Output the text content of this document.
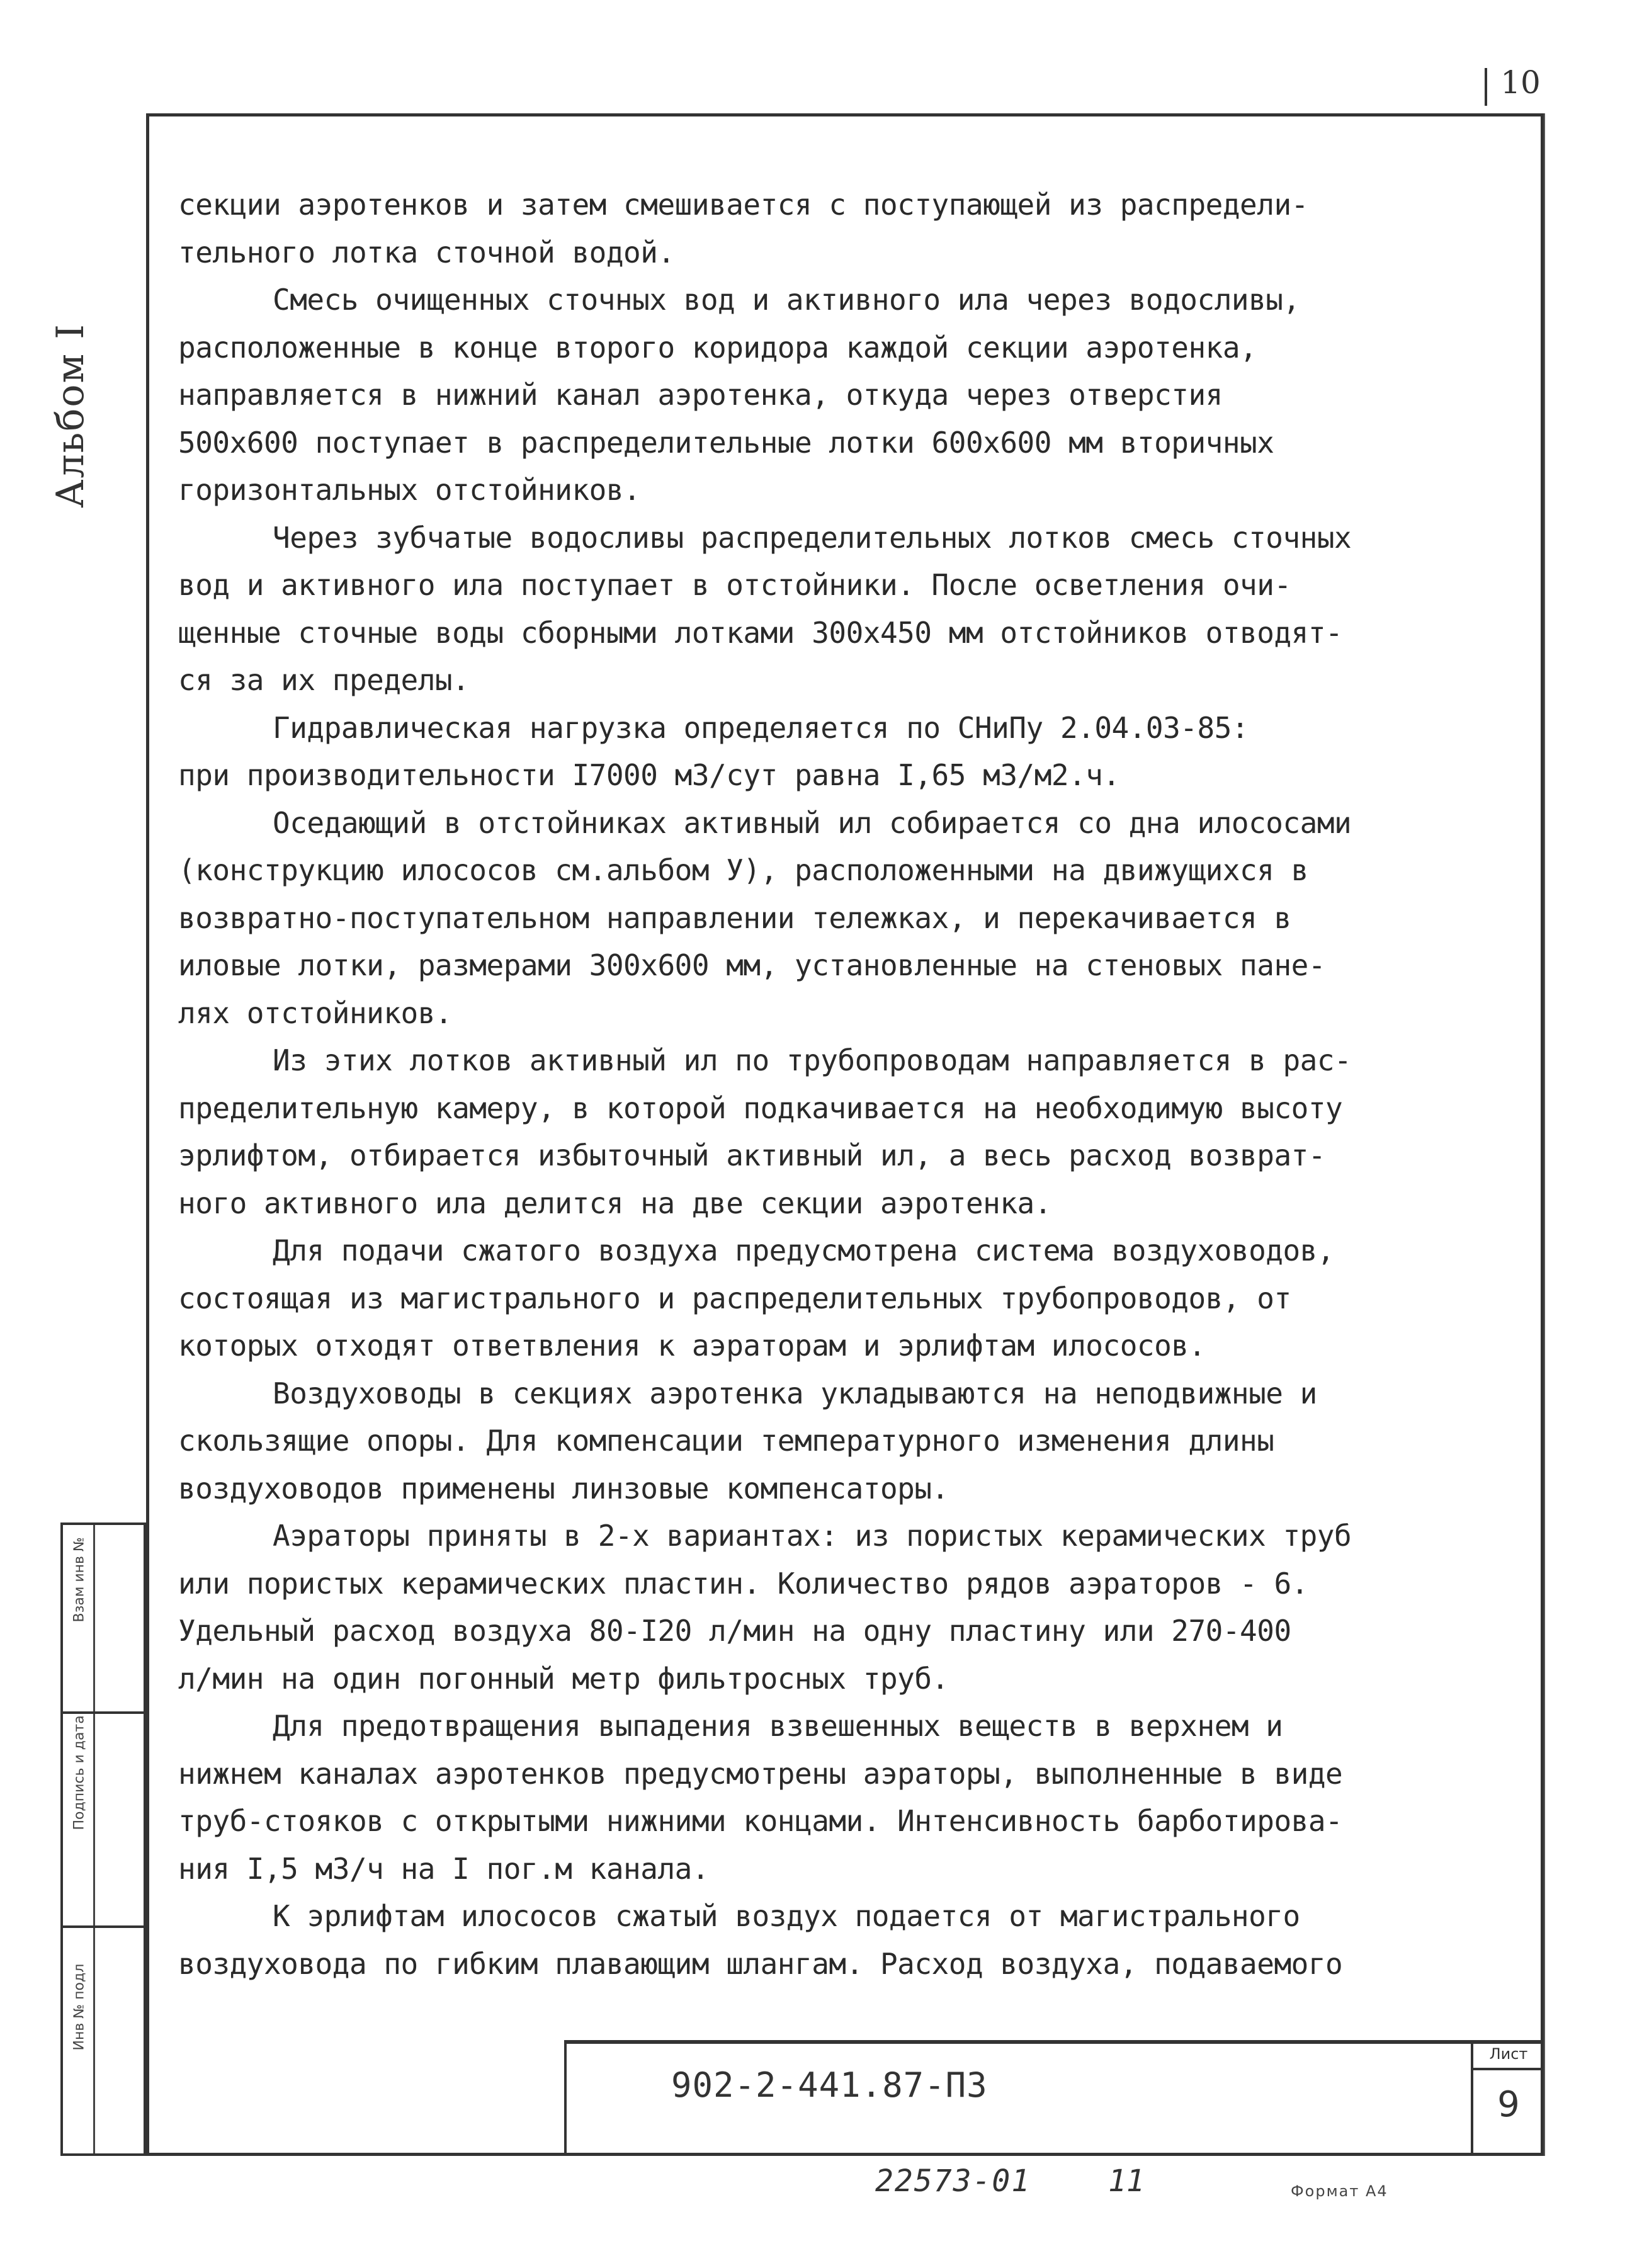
10
Альбом I
Взам инв №
Подпись и дата
Инв № подл

секции аэротенков и затем смешивается с поступающей из распредели-

тельного лотка сточной водой.

Смесь очищенных сточных вод и активного ила через водосливы,

расположенные в конце второго коридора каждой секции аэротенка,

направляется в нижний канал аэротенка, откуда через отверстия

500x600 поступает в распределительные лотки 600x600 мм вторичных

горизонтальных отстойников.

Через зубчатые водосливы распределительных лотков смесь сточных

вод и активного ила поступает в отстойники. После осветления очи-

щенные сточные воды сборными лотками 300x450 мм отстойников отводят-

ся за их пределы.

Гидравлическая нагрузка определяется по СНиПу 2.04.03-85:

при производительности I7000 м3/сут равна I,65 м3/м2.ч.

Оседающий в отстойниках активный ил собирается со дна илососами

(конструкцию илососов см.альбом У), расположенными на движущихся в

возвратно-поступательном направлении тележках, и перекачивается в

иловые лотки, размерами 300x600 мм, установленные на стеновых пане-

лях отстойников.

Из этих лотков активный ил по трубопроводам направляется в рас-

пределительную камеру, в которой подкачивается на необходимую высоту

эрлифтом, отбирается избыточный активный ил, а весь расход возврат-

ного активного ила делится на две секции аэротенка.

Для подачи сжатого воздуха предусмотрена система воздуховодов,

состоящая из магистрального и распределительных трубопроводов, от

которых отходят ответвления к аэраторам и эрлифтам илососов.

Воздуховоды в секциях аэротенка укладываются на неподвижные и

скользящие опоры. Для компенсации температурного изменения длины

воздуховодов применены линзовые компенсаторы.

Аэраторы приняты в 2-х вариантах: из пористых керамических труб

или пористых керамических пластин. Количество рядов аэраторов - 6.

Удельный расход воздуха 80-I20 л/мин на одну пластину или 270-400

л/мин на один погонный метр фильтросных труб.

Для предотвращения выпадения взвешенных веществ в верхнем и

нижнем каналах аэротенков предусмотрены аэраторы, выполненные в виде

труб-стояков с открытыми нижними концами. Интенсивность барботирова-

ния I,5 м3/ч на I пог.м канала.

К эрлифтам илососов сжатый воздух подается от магистрального

воздуховода по гибким плавающим шлангам. Расход воздуха, подаваемого

902-2-441.87-ПЗ
Лист
9
22573-01	11	Формат А4
